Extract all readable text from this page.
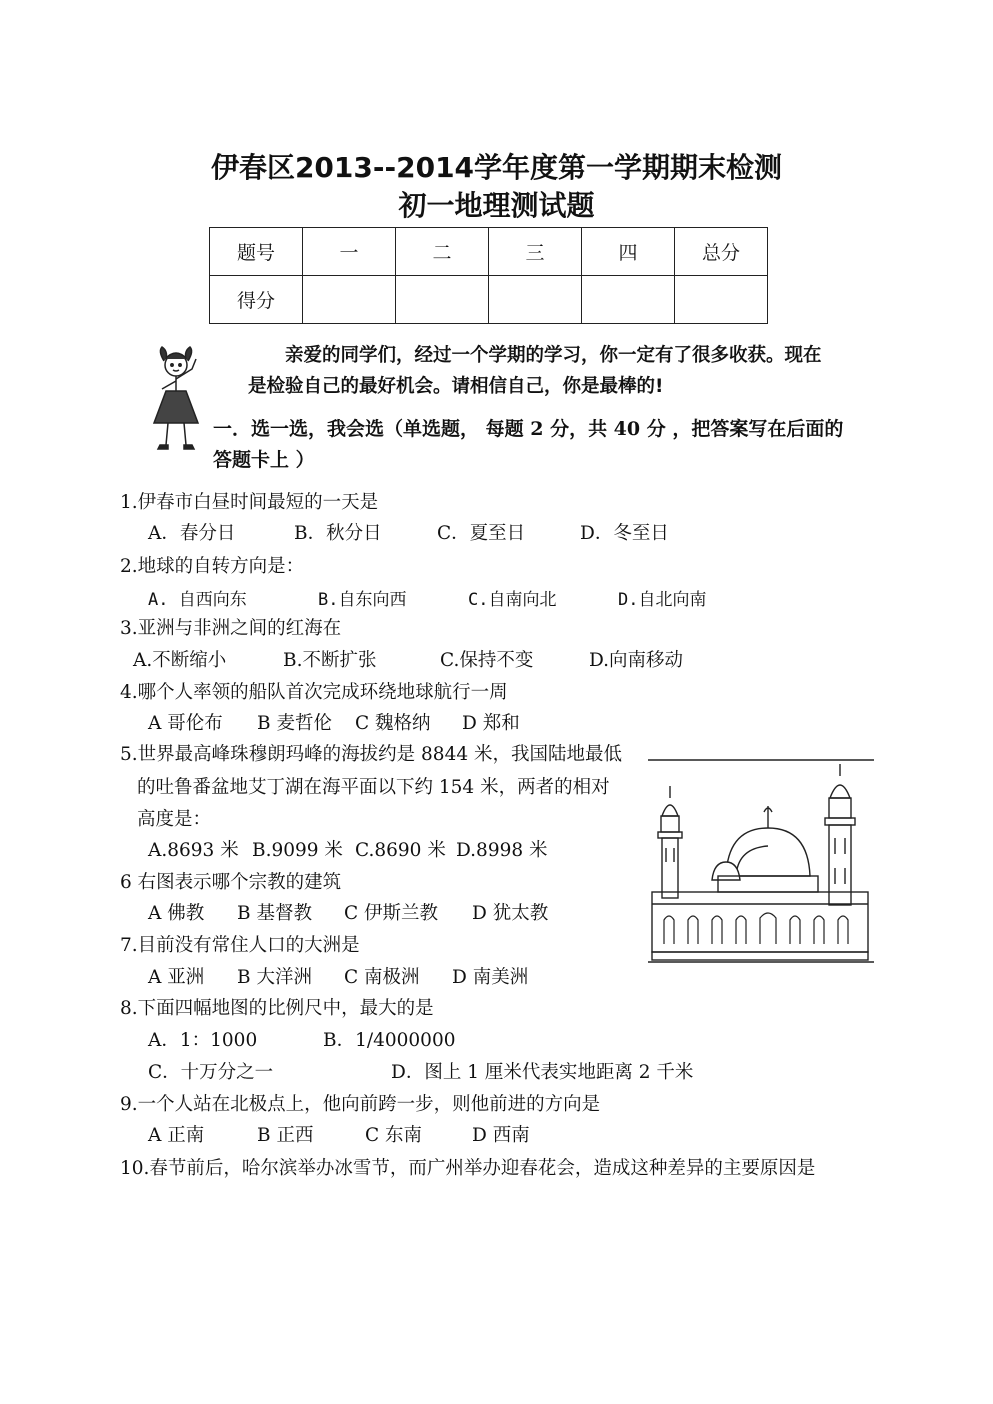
伊春区2013--2014学年度第一学期期末检测
初一地理测试题
题号	一	二	三	四	总分
得分					
亲爱的同学们，经过一个学期的学习，你一定有了很多收获。现在
是检验自己的最好机会。请相信自己，你是最棒的!
一．选一选，我会选（单选题， 每题 2 分，共 40 分 ，把答案写在后面的
答题卡上 ）
1.伊春市白昼时间最短的一天是
A．春分日	B．秋分日	C．夏至日	D．冬至日
2.地球的自转方向是：
A. 自西向东	B.自东向西	C.自南向北	D.自北向南
3.亚洲与非洲之间的红海在
A.不断缩小	B.不断扩张	C.保持不变	D.向南移动
4.哪个人率领的船队首次完成环绕地球航行一周
A 哥伦布 B 麦哲伦 C 魏格纳 D 郑和
5.世界最高峰珠穆朗玛峰的海拔约是 8844 米，我国陆地最低
的吐鲁番盆地艾丁湖在海平面以下约 154 米，两者的相对
高度是：
A.8693 米 B.9099 米 C.8690 米 D.8998 米
6 右图表示哪个宗教的建筑
A 佛教 B 基督教 C 伊斯兰教 D 犹太教
7.目前没有常住人口的大洲是
A 亚洲 B 大洋洲 C 南极洲 D 南美洲
8.下面四幅地图的比例尺中，最大的是
A．1：1000	B．1/4000000
C．十万分之一	D．图上 1 厘米代表实地距离 2 千米
9.一个人站在北极点上，他向前跨一步，则他前进的方向是
A 正南	B 正西	C 东南	D 西南
10.春节前后，哈尔滨举办冰雪节，而广州举办迎春花会，造成这种差异的主要原因是
